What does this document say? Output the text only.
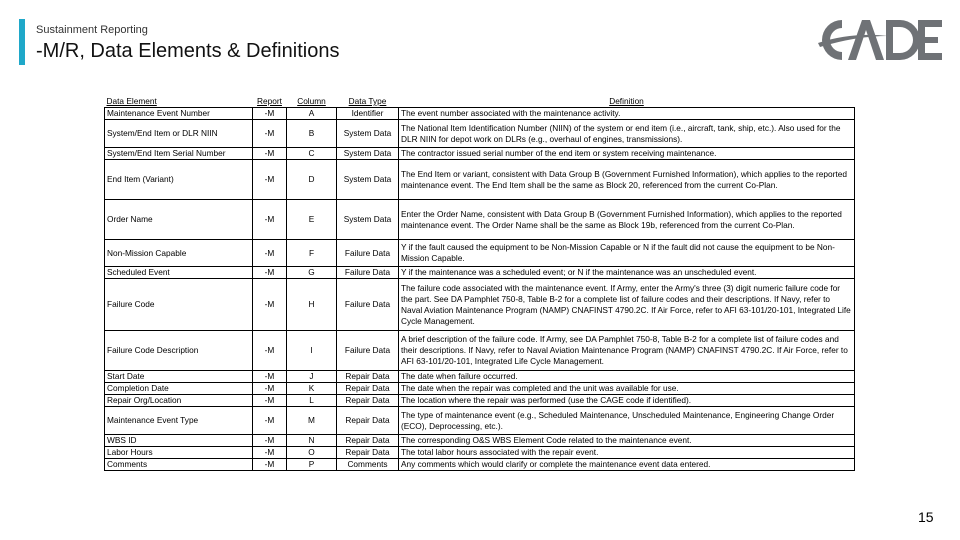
Sustainment Reporting
-M/R, Data Elements & Definitions
Data Element	Report	Column	Data Type	Definition
Maintenance Event Number	-M	A	Identifier	The event number associated with the maintenance activity.
System/End Item or DLR NIIN	-M	B	System Data	The National Item Identification Number (NIIN) of the system or end item (i.e., aircraft, tank, ship, etc.). Also used for the DLR NIIN for depot work on DLRs (e.g., overhaul of engines, transmissions).
System/End Item Serial Number	-M	C	System Data	The contractor issued serial number of the end item or system receiving maintenance.
End Item (Variant)	-M	D	System Data	The End Item or variant, consistent with Data Group B (Government Furnished Information), which applies to the reported maintenance event. The End Item shall be the same as Block 20, referenced from the current Co-Plan.
Order Name	-M	E	System Data	Enter the Order Name, consistent with Data Group B (Government Furnished Information), which applies to the reported maintenance event. The Order Name shall be the same as Block 19b, referenced from the current Co-Plan.
Non-Mission Capable	-M	F	Failure Data	Y if the fault caused the equipment to be Non-Mission Capable or N if the fault did not cause the equipment to be Non-Mission Capable.
Scheduled Event	-M	G	Failure Data	Y if the maintenance was a scheduled event; or N if the maintenance was an unscheduled event.
Failure Code	-M	H	Failure Data	The failure code associated with the maintenance event. If Army, enter the Army's three (3) digit numeric failure code for the part. See DA Pamphlet 750-8, Table B-2 for a complete list of failure codes and their descriptions. If Navy, refer to Naval Aviation Maintenance Program (NAMP) CNAFINST 4790.2C. If Air Force, refer to AFI 63-101/20-101, Integrated Life Cycle Management.
Failure Code Description	-M	I	Failure Data	A brief description of the failure code. If Army, see DA Pamphlet 750-8, Table B-2 for a complete list of failure codes and their descriptions. If Navy, refer to Naval Aviation Maintenance Program (NAMP) CNAFINST 4790.2C. If Air Force, refer to AFI 63-101/20-101, Integrated Life Cycle Management.
Start Date	-M	J	Repair Data	The date when failure occurred.
Completion Date	-M	K	Repair Data	The date when the repair was completed and the unit was available for use.
Repair Org/Location	-M	L	Repair Data	The location where the repair was performed (use the CAGE code if identified).
Maintenance Event Type	-M	M	Repair Data	The type of maintenance event (e.g., Scheduled Maintenance, Unscheduled Maintenance, Engineering Change Order (ECO), Deprocessing, etc.).
WBS ID	-M	N	Repair Data	The corresponding O&S WBS Element Code related to the maintenance event.
Labor Hours	-M	O	Repair Data	The total labor hours associated with the repair event.
Comments	-M	P	Comments	Any comments which would clarify or complete the maintenance event data entered.
15
